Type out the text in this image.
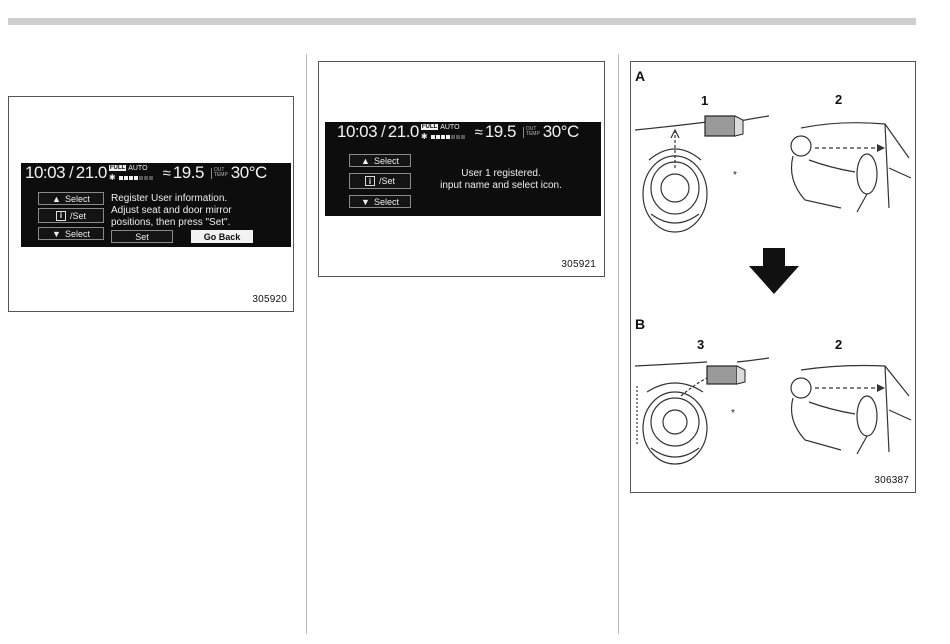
10:03 / 21.0 FULL AUTO
✱	≈ 19.5 OUT
TEMP 30°C
▲ Select
i /Set
▼ Select
Register User information.
Adjust seat and door mirror
positions, then press "Set".
Set	Go Back
305920
10:03 / 21.0 FULL AUTO
✱	≈ 19.5 OUT
TEMP 30°C
▲ Select
i /Set
▼ Select
User 1 registered.
input name and select icon.
305921
A
1	2
B
3	2
*
*
306387
